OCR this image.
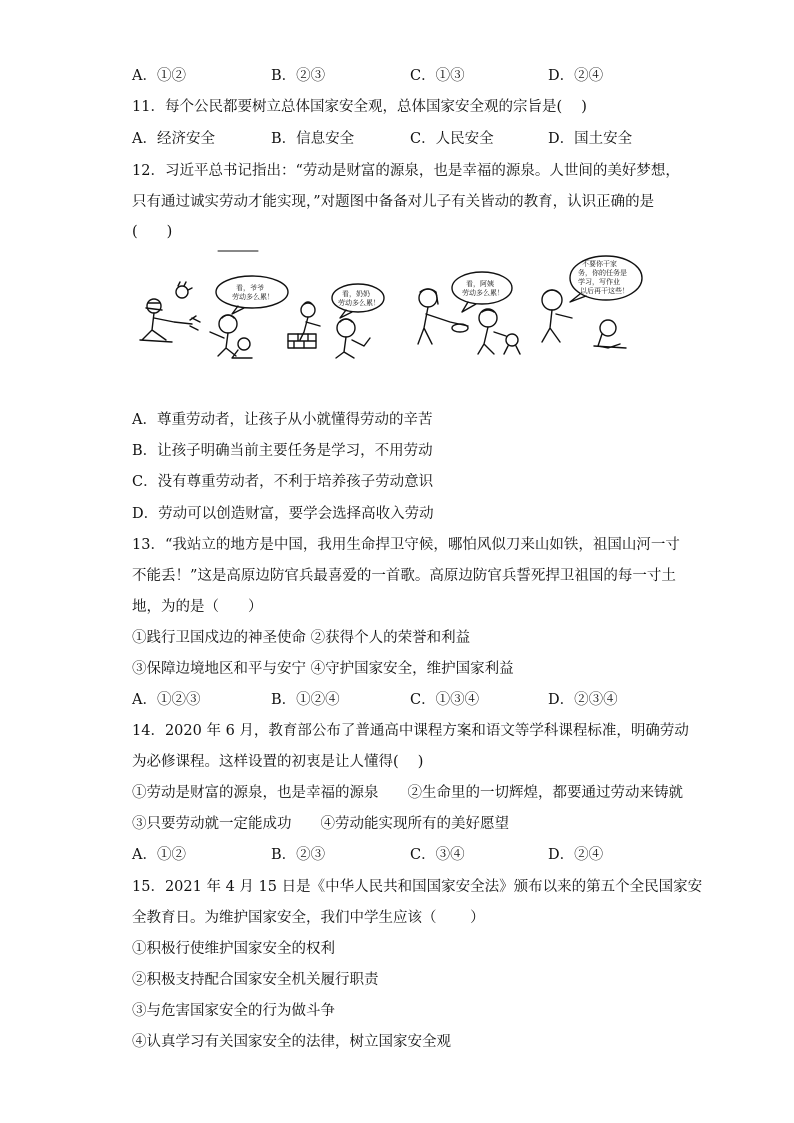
A．①②	B．②③	C．①③	D．②④
11．每个公民都要树立总体国家安全观，总体国家安全观的宗旨是(　 )
A．经济安全	B．信息安全	C．人民安全	D．国土安全
12．习近平总书记指出：“劳动是财富的源泉，也是幸福的源泉。人世间的美好梦想，
只有通过诚实劳动才能实现，”对题图中备备对儿子有关皆动的教育，认识正确的是
(　　)
看，爷爷
劳动多么累！	看，奶奶
劳动多么累！
看，阿姨
劳动多么累！
不要你干家
务，你的任务是
学习，写作业
以后再干这些！
A．尊重劳动者，让孩子从小就懂得劳动的辛苦
B．让孩子明确当前主要任务是学习，不用劳动
C．没有尊重劳动者，不利于培养孩子劳动意识
D．劳动可以创造财富，要学会选择高收入劳动
13．“我站立的地方是中国，我用生命捍卫守候，哪怕风似刀来山如铁，祖国山河一寸
不能丢！”这是高原边防官兵最喜爱的一首歌。高原边防官兵誓死捍卫祖国的每一寸土
地，为的是（　　）
①践行卫国戍边的神圣使命 ②获得个人的荣誉和利益
③保障边境地区和平与安宁 ④守护国家安全，维护国家利益
A．①②③	B．①②④	C．①③④	D．②③④
14．2020 年 6 月，教育部公布了普通高中课程方案和语文等学科课程标准，明确劳动
为必修课程。这样设置的初衷是让人懂得(　 )
①劳动是财富的源泉，也是幸福的源泉　　②生命里的一切辉煌，都要通过劳动来铸就
③只要劳动就一定能成功　　④劳动能实现所有的美好愿望
A．①②	B．②③	C．③④	D．②④
15．2021 年 4 月 15 日是《中华人民共和国国家安全法》颁布以来的第五个全民国家安
全教育日。为维护国家安全，我们中学生应该（　　 ）
①积极行使维护国家安全的权利
②积极支持配合国家安全机关履行职责
③与危害国家安全的行为做斗争
④认真学习有关国家安全的法律，树立国家安全观
